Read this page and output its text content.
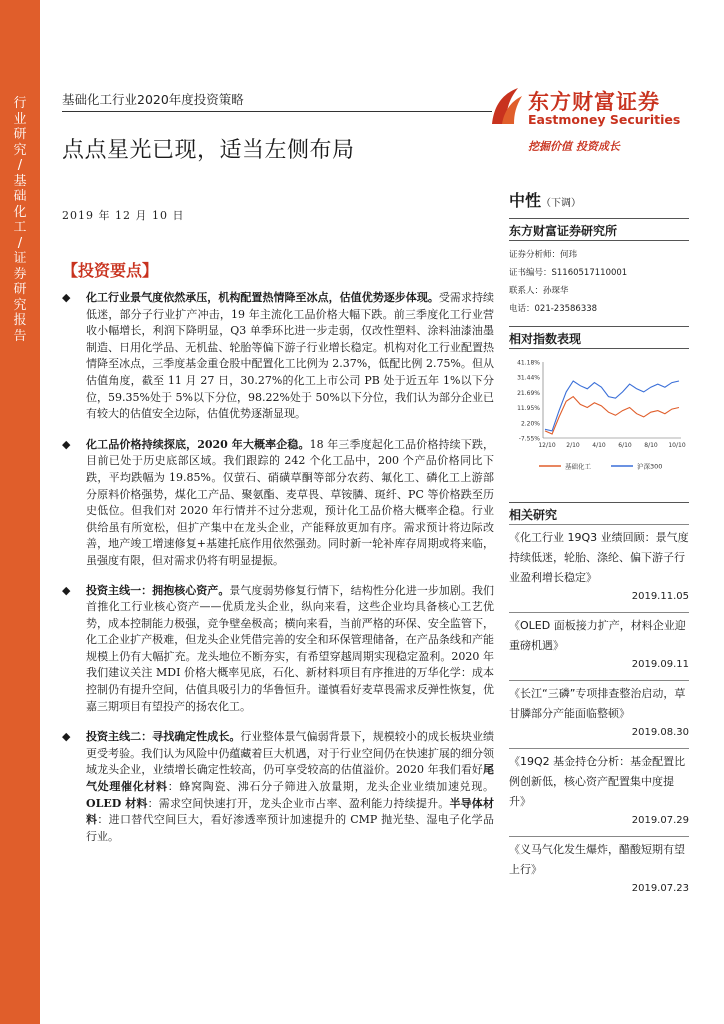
行
业
研
究
/
基
础
化
工
/
证
券
研
究
报
告
基础化工行业2020年度投资策略
点点星光已现，适当左侧布局
2019 年 12 月 10 日
东方财富证券
Eastmoney Securities
挖掘价值 投资成长
中性（下调）
东方财富证券研究所
证券分析师：何玮
证书编号：S1160517110001
联系人：孙琛华
电话：021-23586338
相对指数表现
41.18%
31.44%
21.69%
11.95%
2.20%
-7.55%
12/10 2/10 4/10 6/10 8/10 10/10
基础化工	沪深300
相关研究
《化工行业 19Q3 业绩回顾：景气度持续低迷，轮胎、涤纶、偏下游子行业盈利增长稳定》
2019.11.05
《OLED 面板接力扩产，材料企业迎重磅机遇》
2019.09.11
《长江“三磷”专项排查整治启动，草甘膦部分产能面临整顿》
2019.08.30
《19Q2 基金持仓分析：基金配置比例创新低，核心资产配置集中度提升》
2019.07.29
《义马气化发生爆炸，醋酸短期有望上行》
2019.07.23
【投资要点】
◆ 化工行业景气度依然承压，机构配置热情降至冰点，估值优势逐步体现。受需求持续低迷，部分子行业扩产冲击，19 年主流化工品价格大幅下跌。前三季度化工行业营收小幅增长，利润下降明显，Q3 单季环比进一步走弱，仅改性塑料、涂料油漆油墨制造、日用化学品、无机盐、轮胎等偏下游子行业增长稳定。机构对化工行业配置热情降至冰点，三季度基金重仓股中配置化工比例为 2.37%，低配比例 2.75%。但从估值角度，截至 11 月 27 日，30.27%的化工上市公司 PB 处于近五年 1%以下分位，59.35%处于 5%以下分位，98.22%处于 50%以下分位，我们认为部分企业已有较大的估值安全边际，估值优势逐渐显现。
◆ 化工品价格持续探底，2020 年大概率企稳。18 年三季度起化工品价格持续下跌，目前已处于历史底部区域。我们跟踪的 242 个化工品中，200 个产品价格同比下跌，平均跌幅为 19.85%。仅萤石、硝磺草酮等部分农药、氟化工、磷化工上游部分原料价格强势，煤化工产品、聚氨酯、麦草畏、草铵膦、斑纤、PC 等价格跌至历史低位。但我们对 2020 年行情并不过分悲观，预计化工品价格大概率企稳。行业供给虽有所宽松，但扩产集中在龙头企业，产能释放更加有序。需求预计将边际改善，地产竣工增速修复+基建托底作用依然强劲。同时新一轮补库存周期或将来临，虽强度有限，但对需求仍将有明显提振。
◆ 投资主线一：拥抱核心资产。景气度弱势修复行情下，结构性分化进一步加剧。我们首推化工行业核心资产——优质龙头企业，纵向来看，这些企业均具备核心工艺优势，成本控制能力极强，竞争壁垒极高；横向来看，当前严格的环保、安全监管下，化工企业扩产极难，但龙头企业凭借完善的安全和环保管理储备，在产品条线和产能规模上仍有大幅扩充。龙头地位不断夯实，有希望穿越周期实现稳定盈利。2020 年我们建议关注 MDI 价格大概率见底，石化、新材料项目有序推进的万华化学：成本控制仍有提升空间，估值具吸引力的华鲁恒升。谨慎看好麦草畏需求反弹性恢复，优嘉三期项目有望投产的扬农化工。
◆ 投资主线二：寻找确定性成长。行业整体景气偏弱背景下，规模较小的成长板块业绩更受考验。我们认为风险中仍蕴藏着巨大机遇，对于行业空间仍在快速扩展的细分领域龙头企业，业绩增长确定性较高，仍可享受较高的估值溢价。2020 年我们看好尾气处理催化材料：蜂窝陶瓷、沸石分子筛进入放量期，龙头企业业绩加速兑现。OLED 材料：需求空间快速打开，龙头企业市占率、盈利能力持续提升。半导体材料：进口替代空间巨大，看好渗透率预计加速提升的 CMP 抛光垫、湿电子化学品行业。
